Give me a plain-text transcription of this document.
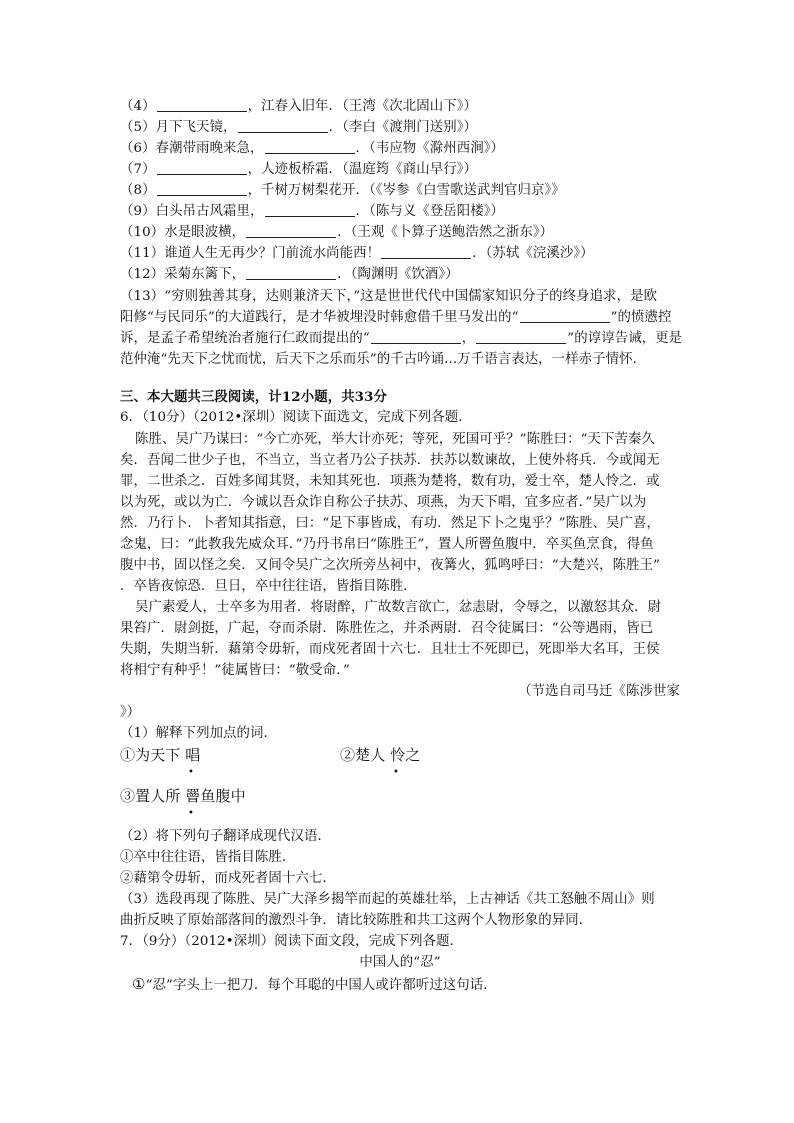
（4）	，江春入旧年．（王湾《次北固山下》）
（5）月下飞天镜，	．（李白《渡荆门送别》）
（6）春潮带雨晚来急，	．（韦应物《滁州西涧》）
（7）	，人迹板桥霜．（温庭筠《商山早行》）
（8）	，千树万树梨花开．（《岑参《白雪歌送武判官归京》》
（9）白头吊古风霜里，	．（陈与义《登岳阳楼》）
（10）水是眼波横，	．（王观《卜算子送鲍浩然之浙东》）
（11）谁道人生无再少？门前流水尚能西！	．（苏轼《浣溪沙》）
（12）采菊东篱下，	．（陶渊明《饮酒》）
（13）“穷则独善其身，达则兼济天下，”这是世世代代中国儒家知识分子的终身追求，是欧
阳修“与民同乐”的大道践行，是才华被埋没时韩愈借千里马发出的“	”的愤懑控
诉，是孟子希望统治者施行仁政而提出的“	，	”的谆谆告诫，更是
范仲淹“先天下之忧而忧，后天下之乐而乐”的千古吟诵...万千语言表达，一样赤子情怀．
三、本大题共三段阅读，计12小题，共33分
6．（10分）（2012•深圳）阅读下面选文，完成下列各题．
陈胜、吴广乃谋曰：“今亡亦死，举大计亦死；等死，死国可乎？”陈胜曰：“天下苦秦久
矣．吾闻二世少子也，不当立，当立者乃公子扶苏．扶苏以数谏故，上使外将兵．今或闻无
罪，二世杀之．百姓多闻其贤，未知其死也．项燕为楚将，数有功，爱士卒，楚人怜之．或
以为死，或以为亡．今诚以吾众诈自称公子扶苏、项燕，为天下唱，宜多应者．”吴广以为
然．乃行卜．卜者知其指意，曰：“足下事皆成，有功．然足下卜之鬼乎？”陈胜、吴广喜，
念鬼，曰：“此教我先威众耳．”乃丹书帛曰“陈胜王”，置人所罾鱼腹中．卒买鱼烹食，得鱼
腹中书，固以怪之矣．又间令吴广之次所旁丛祠中，夜篝火，狐鸣呼曰：“大楚兴，陈胜王”
．卒皆夜惊恐．旦日，卒中往往语，皆指目陈胜．
吴广素爱人，士卒多为用者．将尉醉，广故数言欲亡，忿恚尉，令辱之，以激怒其众．尉
果笞广．尉剑挺，广起，夺而杀尉．陈胜佐之，并杀两尉．召令徒属曰：“公等遇雨，皆已
失期，失期当斩．藉第令毋斩，而戍死者固十六七．且壮士不死即已，死即举大名耳，王侯
将相宁有种乎！”徒属皆曰：“敬受命．”
（节选自司马迁《陈涉世家
》）
（1）解释下列加点的词．
①为天下 唱
•
②楚人 怜之
•
③置人所 罾鱼腹中
•
（2）将下列句子翻译成现代汉语．
①卒中往往语，皆指目陈胜．
②藉第令毋斩，而戍死者固十六七．
（3）选段再现了陈胜、吴广大泽乡揭竿而起的英雄壮举，上古神话《共工怒触不周山》则
曲折反映了原始部落间的激烈斗争．请比较陈胜和共工这两个人物形象的异同．
7．（9分）（2012•深圳）阅读下面文段，完成下列各题．
中国人的“忍”
①“忍”字头上一把刀．每个耳聪的中国人或许都听过这句话．
